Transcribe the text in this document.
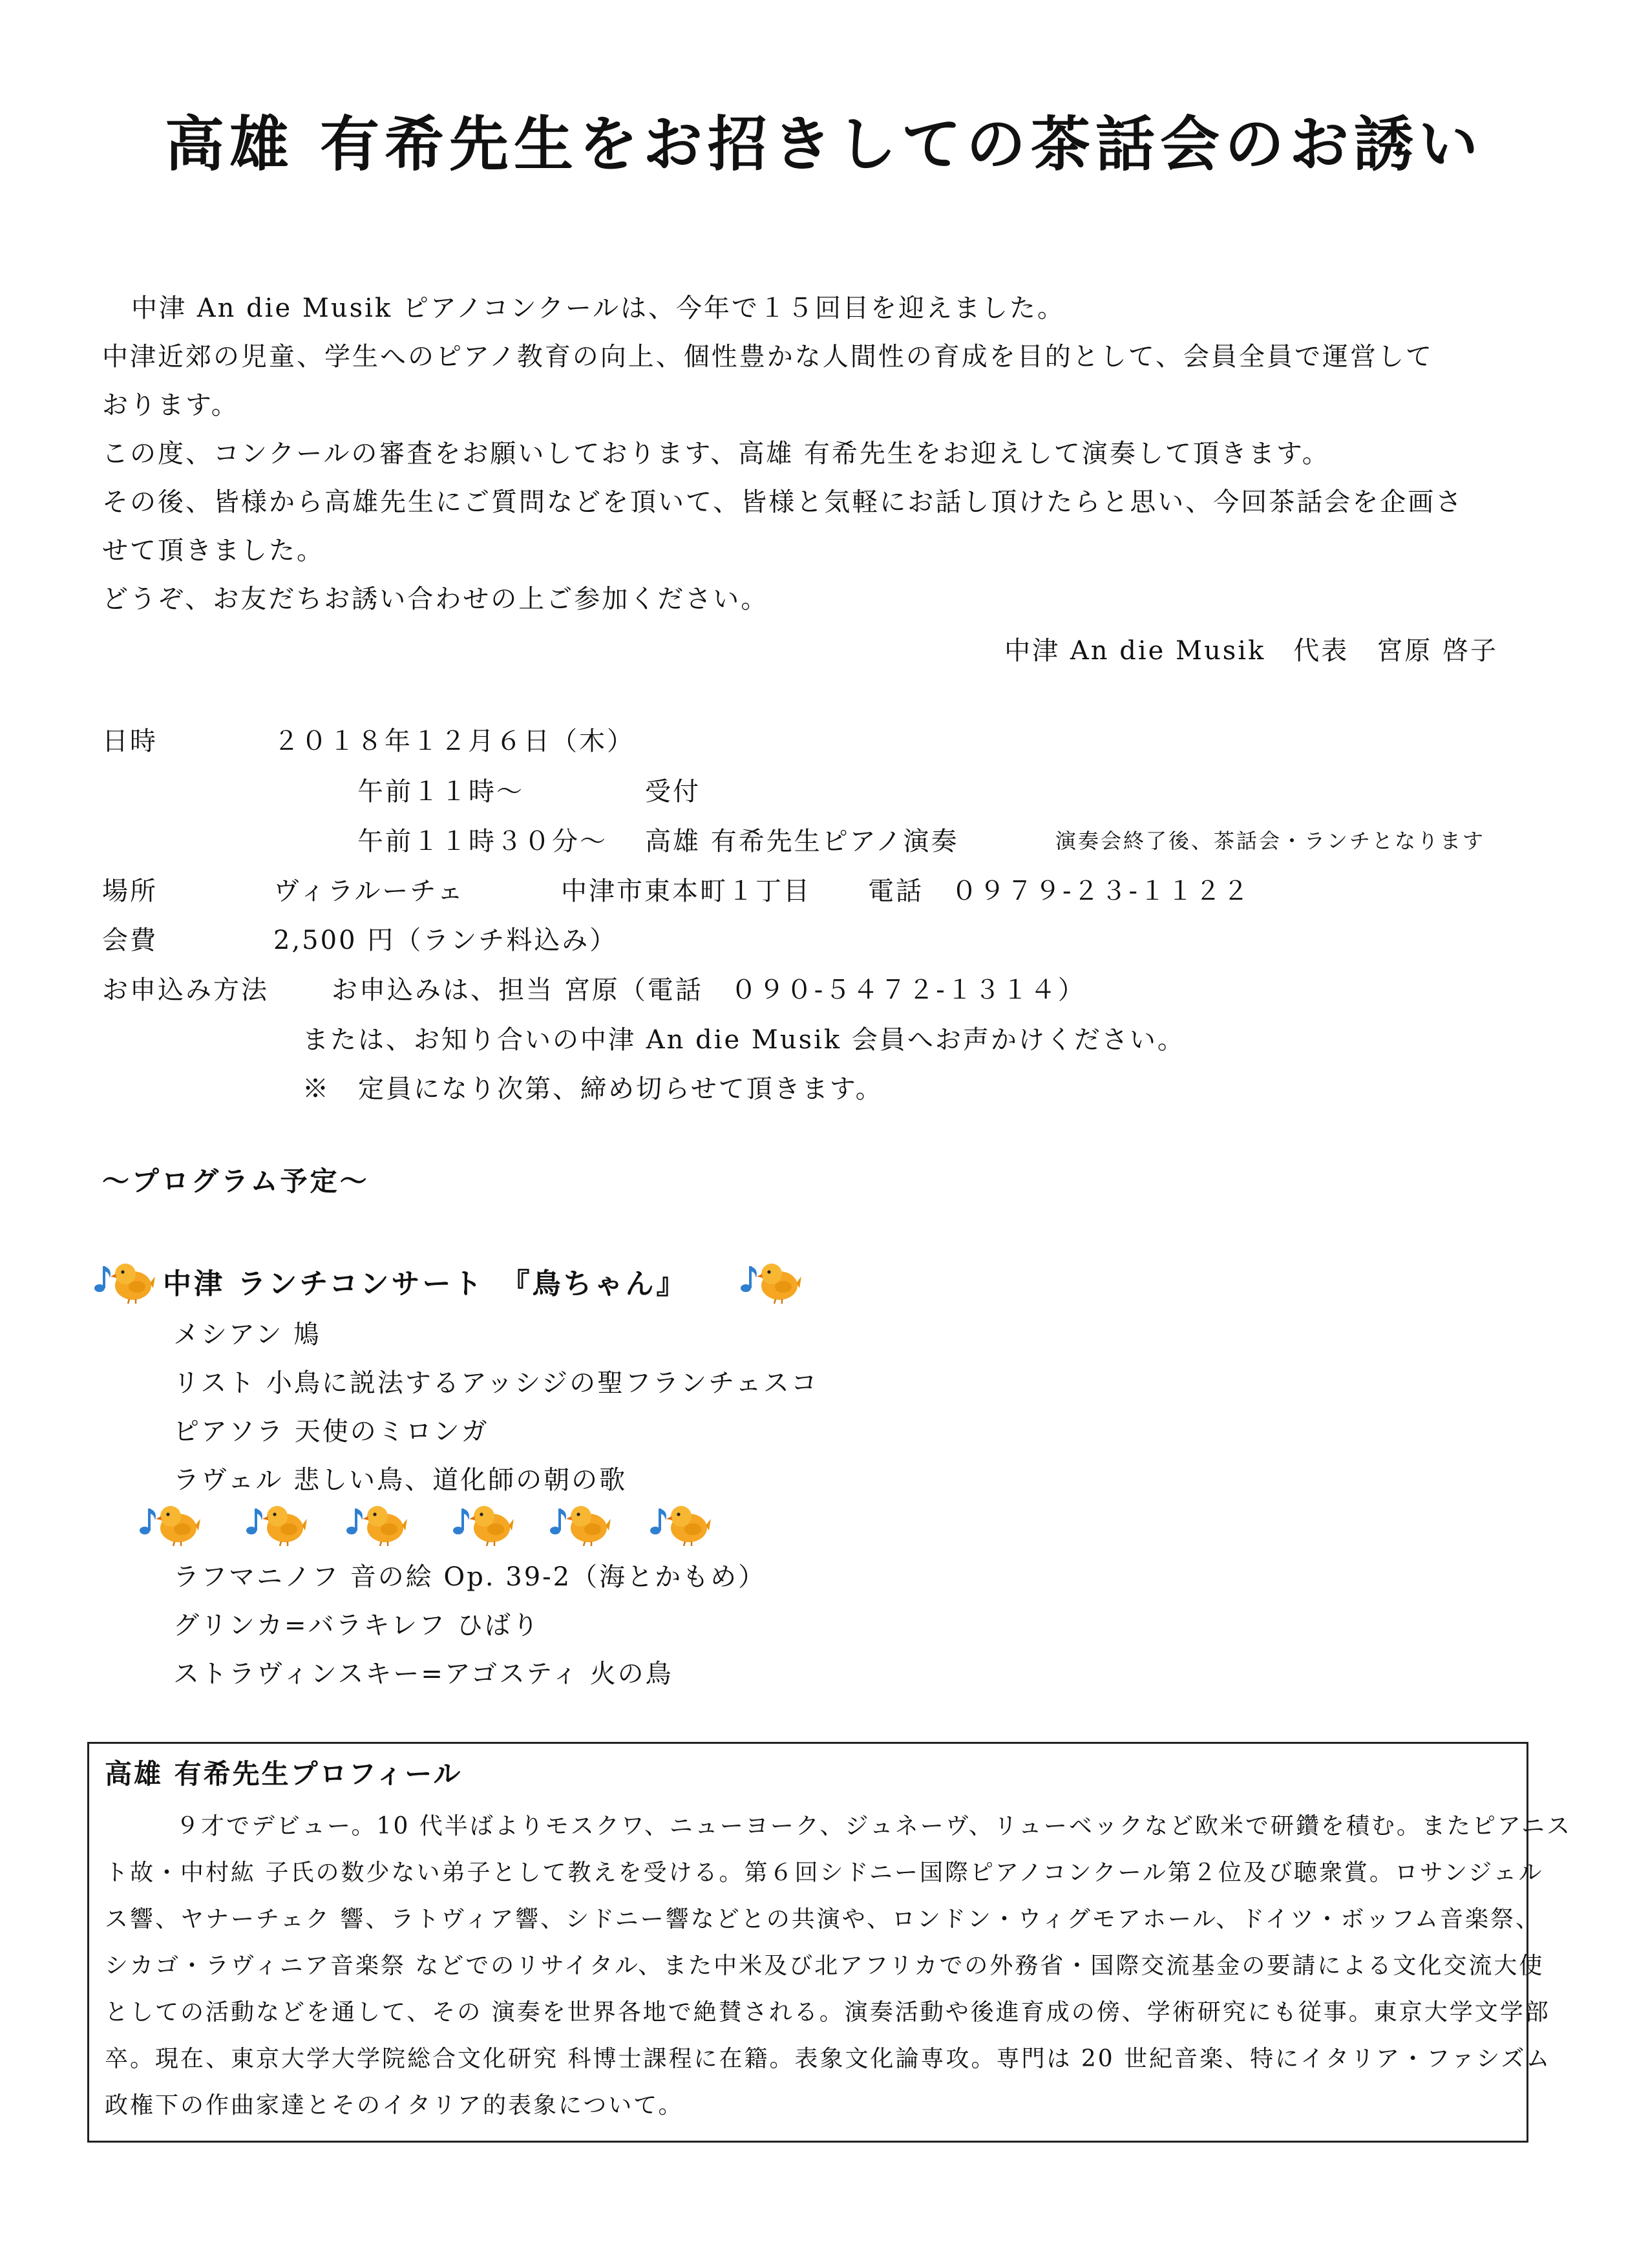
高雄 有希先生をお招きしての茶話会のお誘い

中津 An die Musik ピアノコンクールは、今年で１５回目を迎えました。

中津近郊の児童、学生へのピアノ教育の向上、個性豊かな人間性の育成を目的として、会員全員で運営して

おります。

この度、コンクールの審査をお願いしております、高雄 有希先生をお迎えして演奏して頂きます。

その後、皆様から高雄先生にご質問などを頂いて、皆様と気軽にお話し頂けたらと思い、今回茶話会を企画さ

せて頂きました。

どうぞ、お友だちお誘い合わせの上ご参加ください。

中津 An die Musik　代表　宮原 啓子
日時	２０１８年１２月６日（木）
午前１１時～	受付
午前１１時３０分～ 高雄 有希先生ピアノ演奏	演奏会終了後、茶話会・ランチとなります
場所	ヴィラルーチェ	中津市東本町１丁目 電話　０９７９-２３-１１２２
会費	2,500 円（ランチ料込み）
お申込み方法 お申込みは、担当 宮原（電話　０９０-５４７２-１３１４）
または、お知り合いの中津 An die Musik 会員へお声かけください。
※　定員になり次第、締め切らせて頂きます。
～プログラム予定～
中津 ランチコンサート　『鳥ちゃん』
メシアン 鳩
リスト 小鳥に説法するアッシジの聖フランチェスコ
ピアソラ 天使のミロンガ
ラヴェル 悲しい鳥、道化師の朝の歌
ラフマニノフ 音の絵 Op. 39-2（海とかもめ）
グリンカ=バラキレフ ひばり
ストラヴィンスキー=アゴスティ 火の鳥
高雄 有希先生プロフィール

９才でデビュー。10 代半ばよりモスクワ、ニューヨーク、ジュネーヴ、リューベックなど欧米で研鑽を積む。またピアニス

ト故・中村紘 子氏の数少ない弟子として教えを受ける。第６回シドニー国際ピアノコンクール第２位及び聴衆賞。ロサンジェル

ス響、ヤナーチェク 響、ラトヴィア響、シドニー響などとの共演や、ロンドン・ウィグモアホール、ドイツ・ボッフム音楽祭、

シカゴ・ラヴィニア音楽祭 などでのリサイタル、また中米及び北アフリカでの外務省・国際交流基金の要請による文化交流大使

としての活動などを通して、その 演奏を世界各地で絶賛される。演奏活動や後進育成の傍、学術研究にも従事。東京大学文学部

卒。現在、東京大学大学院総合文化研究 科博士課程に在籍。表象文化論専攻。専門は 20 世紀音楽、特にイタリア・ファシズム

政権下の作曲家達とそのイタリア的表象について。
